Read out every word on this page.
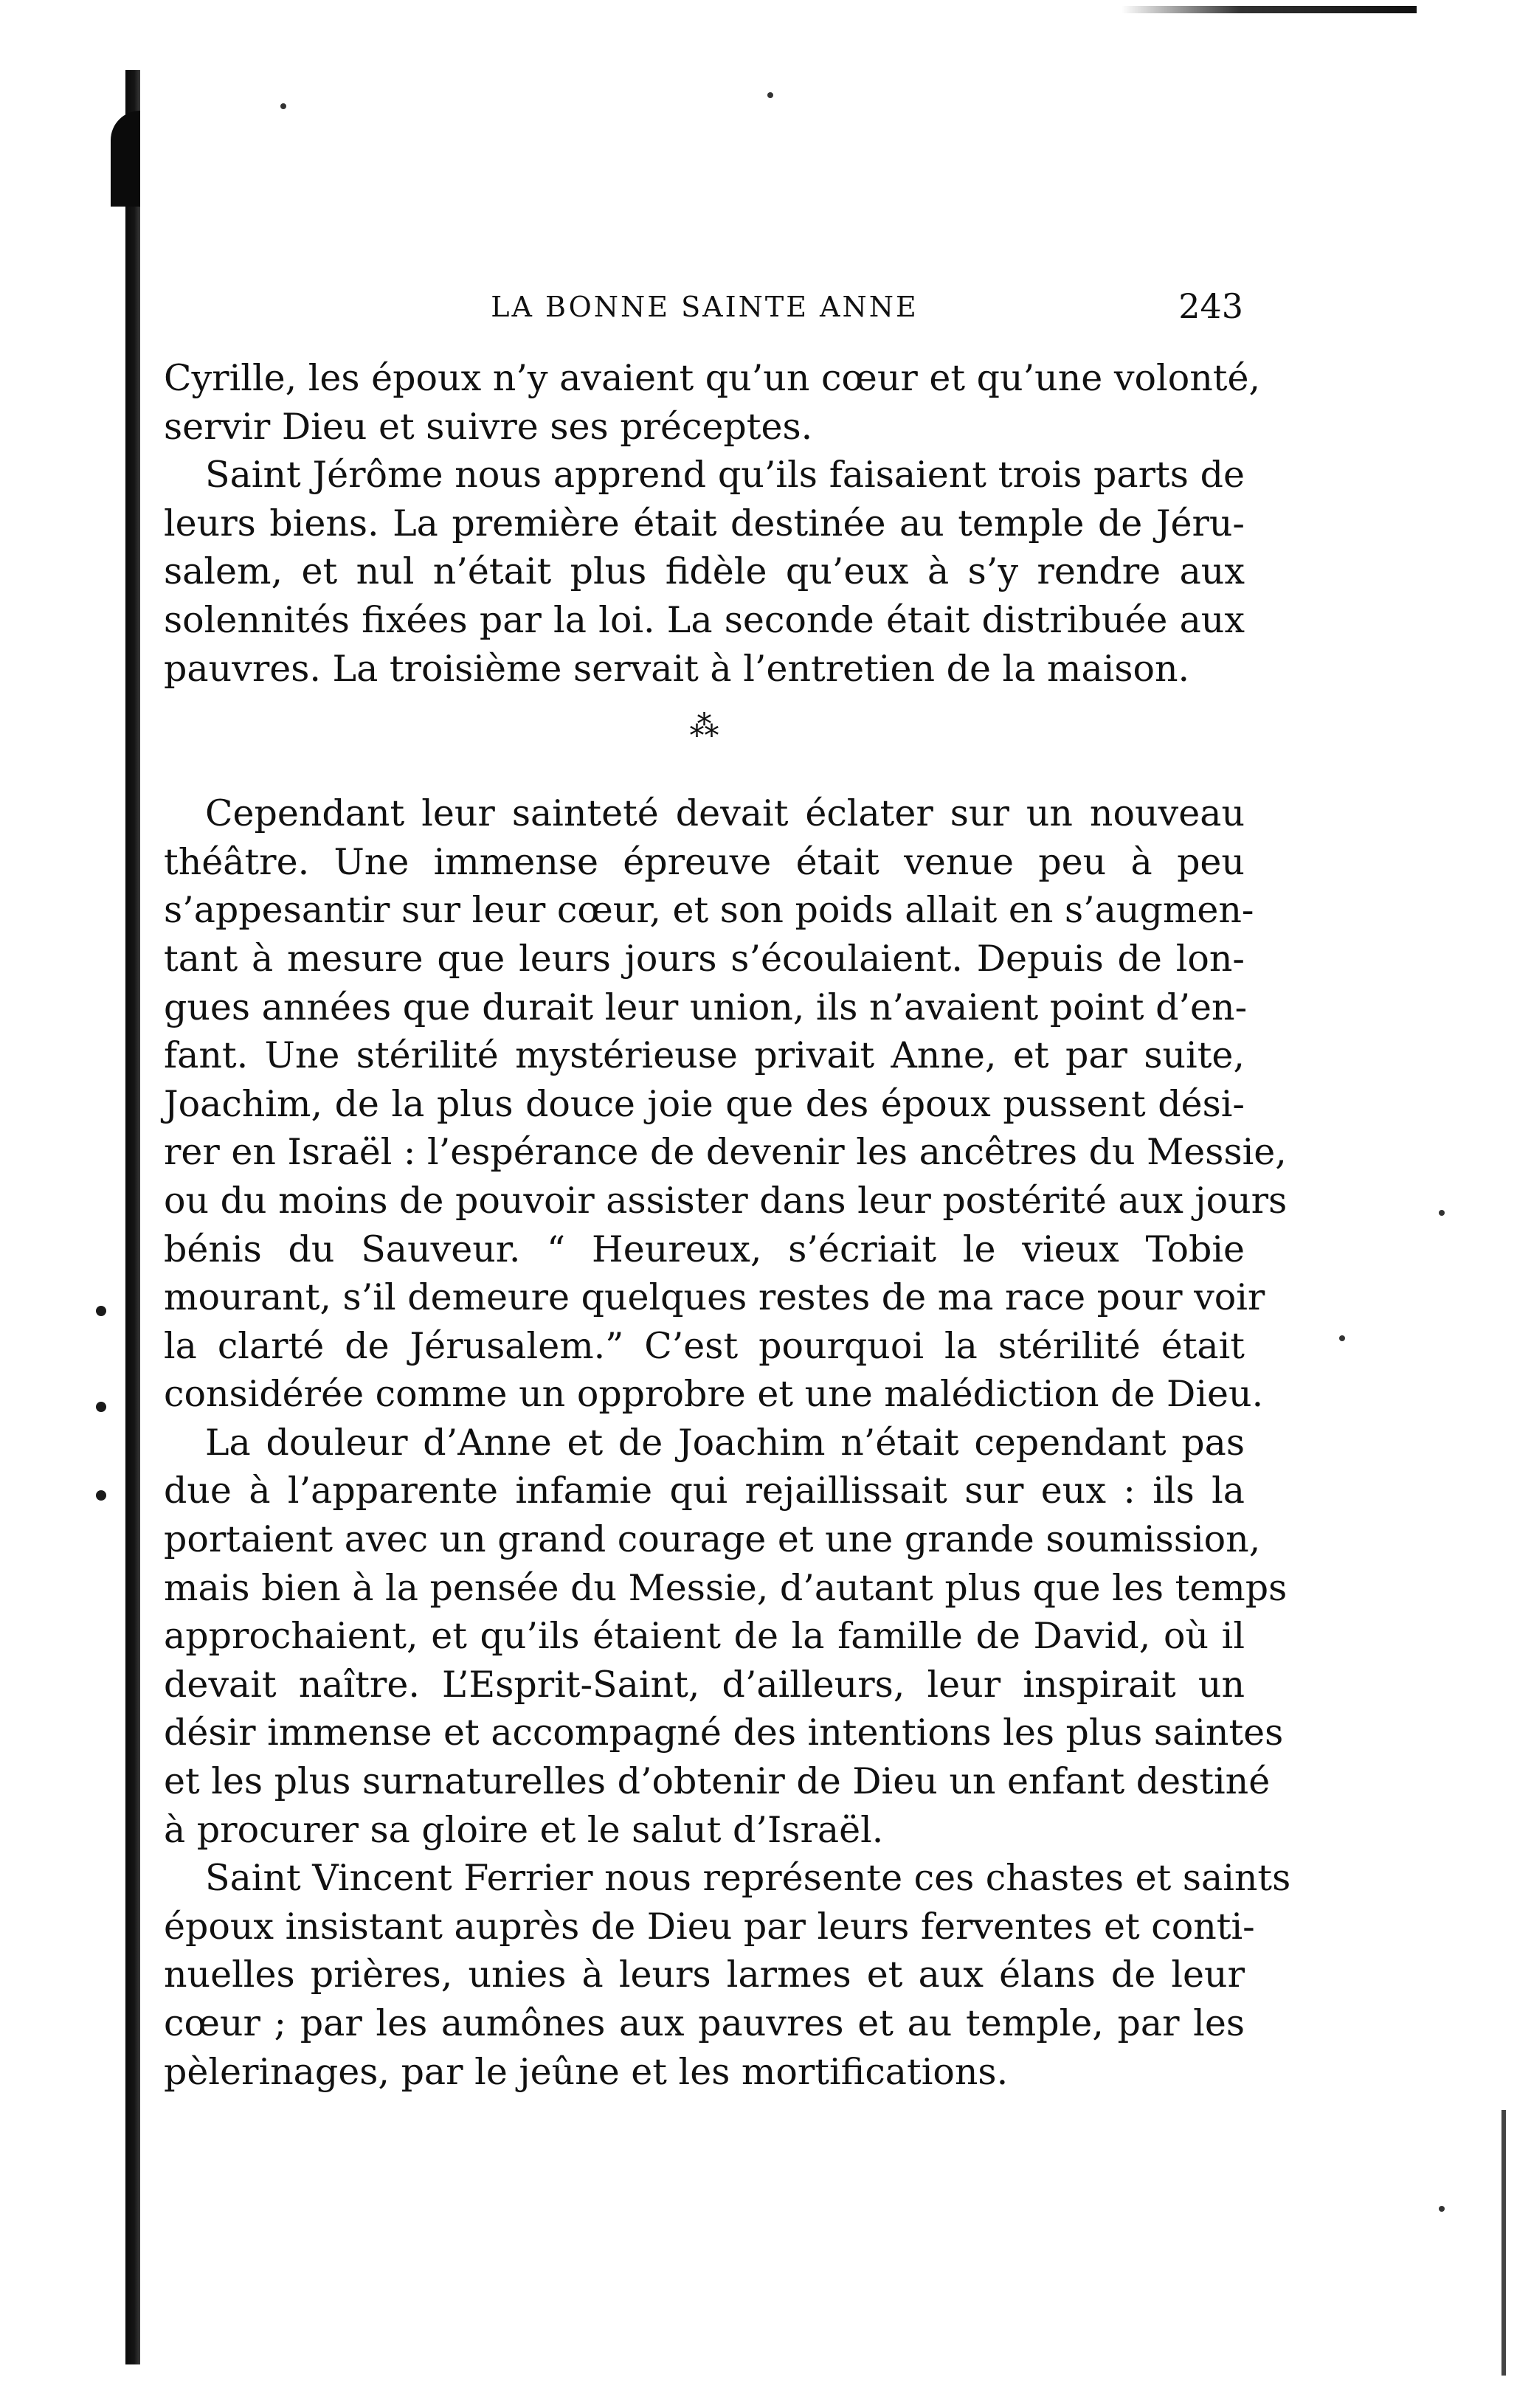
LA BONNE SAINTE ANNE	243
Cyrille, les époux n’y avaient qu’un cœur et qu’une volonté,
servir Dieu et suivre ses préceptes.
Saint Jérôme nous apprend qu’ils faisaient trois parts de
leurs biens. La première était destinée au temple de Jéru-
salem, et nul n’était plus fidèle qu’eux à s’y rendre aux
solennités fixées par la loi. La seconde était distribuée aux
pauvres. La troisième servait à l’entretien de la maison.
⁂
Cependant leur sainteté devait éclater sur un nouveau
théâtre. Une immense épreuve était venue peu à peu
s’appesantir sur leur cœur, et son poids allait en s’augmen-
tant à mesure que leurs jours s’écoulaient. Depuis de lon-
gues années que durait leur union, ils n’avaient point d’en-
fant. Une stérilité mystérieuse privait Anne, et par suite,
Joachim, de la plus douce joie que des époux pussent dési-
rer en Israël : l’espérance de devenir les ancêtres du Messie,
ou du moins de pouvoir assister dans leur postérité aux jours
bénis du Sauveur. “ Heureux, s’écriait le vieux Tobie
mourant, s’il demeure quelques restes de ma race pour voir
la clarté de Jérusalem.” C’est pourquoi la stérilité était
considérée comme un opprobre et une malédiction de Dieu.
La douleur d’Anne et de Joachim n’était cependant pas
due à l’apparente infamie qui rejaillissait sur eux : ils la
portaient avec un grand courage et une grande soumission,
mais bien à la pensée du Messie, d’autant plus que les temps
approchaient, et qu’ils étaient de la famille de David, où il
devait naître. L’Esprit-Saint, d’ailleurs, leur inspirait un
désir immense et accompagné des intentions les plus saintes
et les plus surnaturelles d’obtenir de Dieu un enfant destiné
à procurer sa gloire et le salut d’Israël.
Saint Vincent Ferrier nous représente ces chastes et saints
époux insistant auprès de Dieu par leurs ferventes et conti-
nuelles prières, unies à leurs larmes et aux élans de leur
cœur ; par les aumônes aux pauvres et au temple, par les
pèlerinages, par le jeûne et les mortifications.
